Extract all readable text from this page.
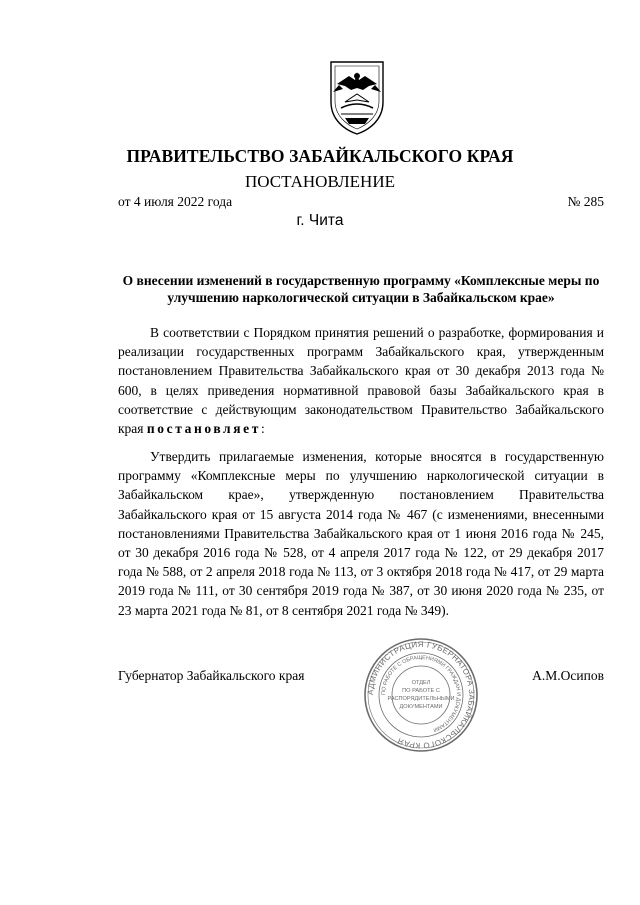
ПРАВИТЕЛЬСТВО ЗАБАЙКАЛЬСКОГО КРАЯ
ПОСТАНОВЛЕНИЕ
от 4 июля 2022 года	№ 285
г. Чита
О внесении изменений в государственную программу «Комплексные меры по улучшению наркологической ситуации в Забайкальском крае»

В соответствии с Порядком принятия решений о разработке, формирования и реализации государственных программ Забайкальского края, утвержденным постановлением Правительства Забайкальского края от 30 декабря 2013 года № 600, в целях приведения нормативной правовой базы Забайкальского края в соответствие с действующим законодательством Правительство Забайкальского края постановляет:

Утвердить прилагаемые изменения, которые вносятся в государственную программу «Комплексные меры по улучшению наркологической ситуации в Забайкальском крае», утвержденную постановлением Правительства Забайкальского края от 15 августа 2014 года № 467 (с изменениями, внесенными постановлениями Правительства Забайкальского края от 1 июня 2016 года № 245, от 30 декабря 2016 года № 528, от 4 апреля 2017 года № 122, от 29 декабря 2017 года № 588, от 2 апреля 2018 года № 113, от 3 октября 2018 года № 417, от 29 марта 2019 года № 111, от 30 сентября 2019 года № 387, от 30 июня 2020 года № 235, от 23 марта 2021 года № 81, от 8 сентября 2021 года № 349).

Губернатор Забайкальского края	А.М.Осипов
АДМИНИСТРАЦИЯ ГУБЕРНАТОРА ЗАБАЙКАЛЬСКОГО КРАЯ
ПО РАБОТЕ С ОБРАЩЕНИЯМИ ГРАЖДАН И ДОКУМЕНТАМИ
ОТДЕЛ
ПО РАБОТЕ С
РАСПОРЯДИТЕЛЬНЫМИ
ДОКУМЕНТАМИ
